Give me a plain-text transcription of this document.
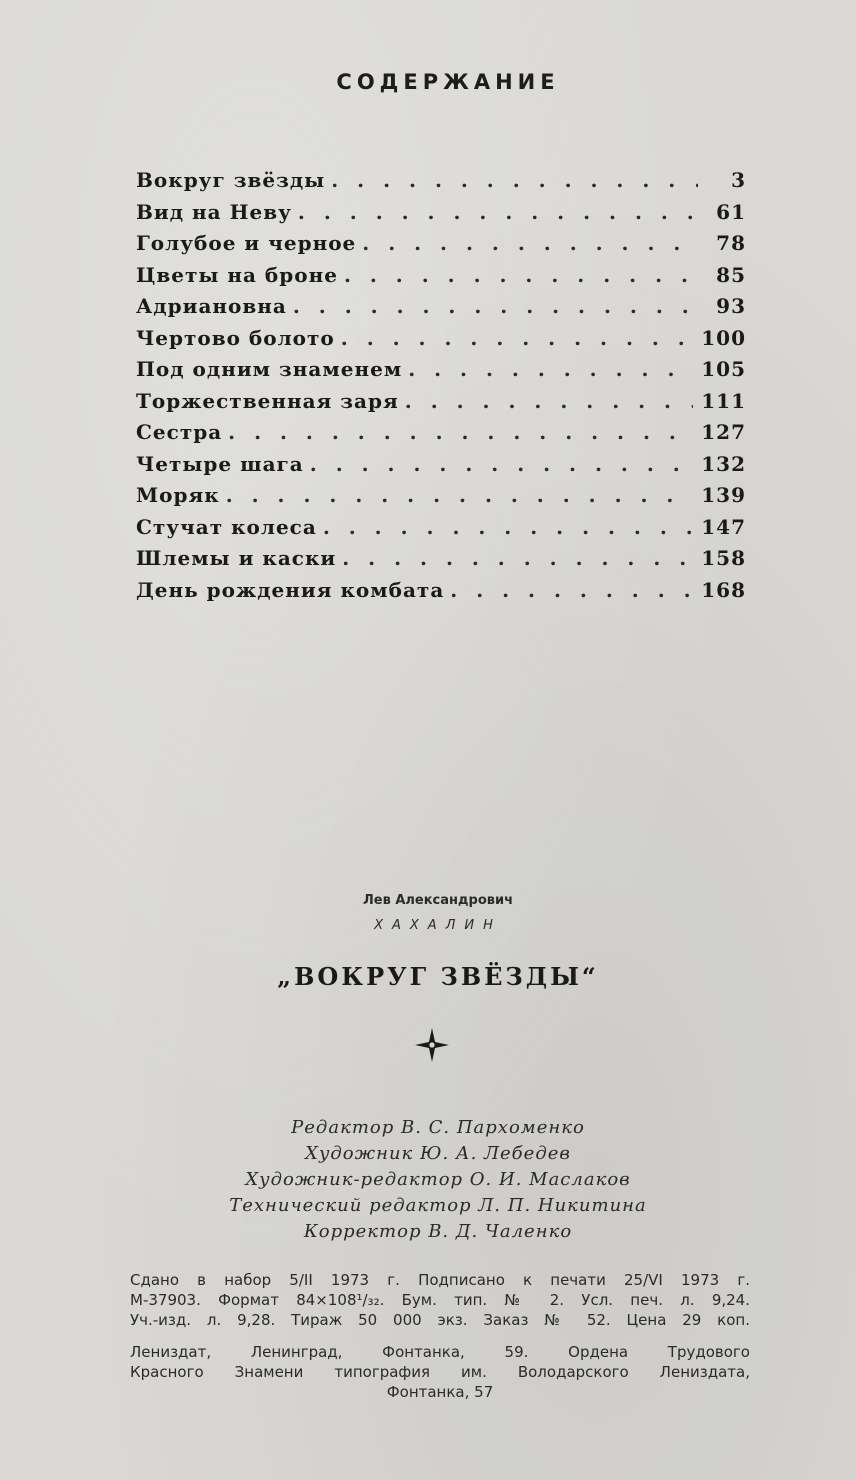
СОДЕРЖАНИЕ
Вокруг звёзды . . .	3
Вид на Неву . . .	61
Голубое и черное . . .	78
Цветы на броне . . .	85
Адриановна . . .	93
Чертово болото . . .	100
Под одним знаменем . . .	105
Торжественная заря . . .	111
Сестра . . .	127
Четыре шага . . .	132
Моряк . . .	139
Стучат колеса . . .	147
Шлемы и каски . . .	158
День рождения комбата . . .	168
Лев Александрович
ХАХАЛИН
„ВОКРУГ ЗВЁЗДЫ“
Редактор В. С. Пархоменко
Художник Ю. А. Лебедев
Художник-редактор О. И. Маслаков
Технический редактор Л. П. Никитина
Корректор В. Д. Чаленко
Сдано в набор 5/II 1973 г. Подписано к печати 25/VI 1973 г.
М-37903. Формат 84×108¹/₃₂. Бум. тип. № 2. Усл. печ. л. 9,24.
Уч.-изд. л. 9,28. Тираж 50 000 экз. Заказ № 52. Цена 29 коп.
Лениздат, Ленинград, Фонтанка, 59. Ордена Трудового
Красного Знамени типография им. Володарского Лениздата,
Фонтанка, 57
